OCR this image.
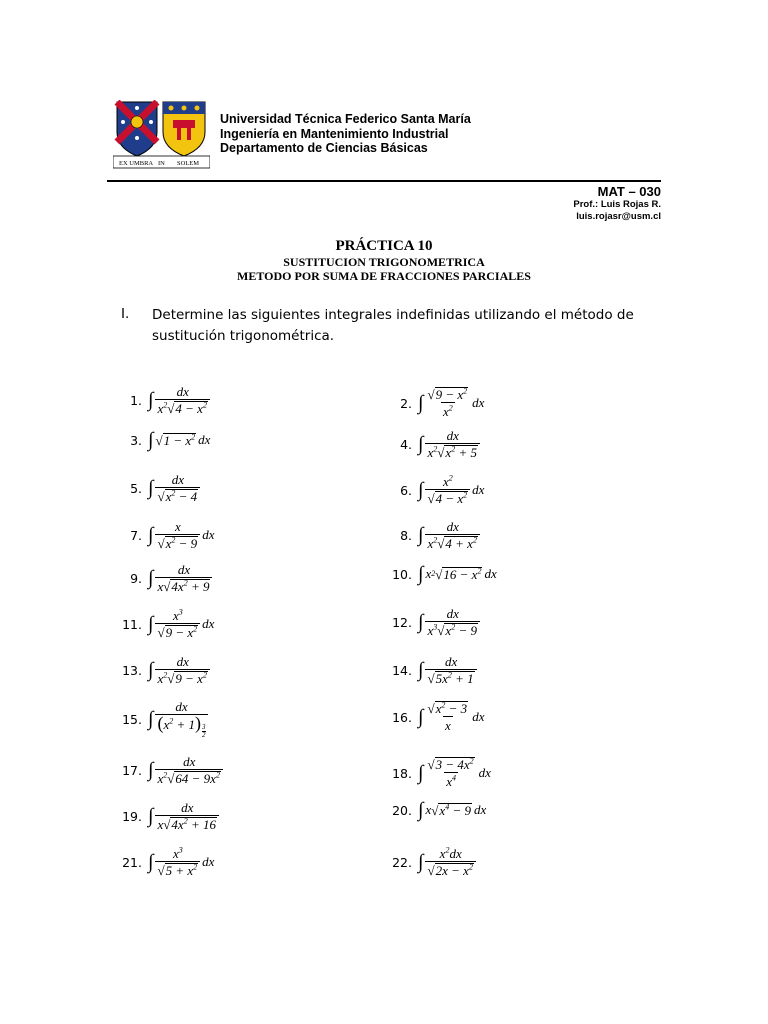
EX UMBRA IN SOLEM
Universidad Técnica Federico Santa María
Ingeniería en Mantenimiento Industrial
Departamento de Ciencias Básicas
MAT – 030
Prof.: Luis Rojas R.
luis.rojasr@usm.cl
PRÁCTICA 10
SUSTITUCION TRIGONOMETRICA
METODO POR SUMA DE FRACCIONES PARCIALES
I. Determine las siguientes integrales indefinidas utilizando el método de sustitución trigonométrica.
1. ∫ $\frac{dx}{x^2 √ 4 - x^2}$
3. ∫ √ $1 - x^2$ dx
5. ∫ $\frac{dx}{√ x^2 - 4}$
7. ∫ $\frac{x}{√ x^2 - 9}$ dx
9. ∫ $\frac{dx}{x √ 4x^2 + 9}$
11. ∫ $\frac{x^3}{√ 9 - x^2}$ dx
13. ∫ $\frac{dx}{x^2 √ 9 - x^2}$
15. ∫ $\frac{dx}{(x^2 + 1) \frac{3}{2}}$
17. ∫ $\frac{dx}{x^2 √ 64 - 9x^2}$
19. ∫ $\frac{dx}{x √ 4x^2 + 16}$
21. ∫ $\frac{x^3}{√ 5 + x^2}$ dx
2. ∫ $\frac{√ 9 - x^2}{x^2}$ dx
4. ∫ $\frac{dx}{x^2 √ x^2 + 5}$
6. ∫ $\frac{x^2}{√ 4 - x^2}$ dx
8. ∫ $\frac{dx}{x^2 √ 4 + x^2}$
10. ∫ x 2 √ $16 - x^2$ dx
12. ∫ $\frac{dx}{x^3 √ x^2 - 9}$
14. ∫ $\frac{dx}{√ 5x^2 + 1}$
16. ∫ $\frac{√ x^2 - 3}{x}$ dx
18. ∫ $\frac{√ 3 - 4x^2}{x^4}$ dx
20. ∫ x √ $x^4 - 9$ dx
22. ∫ $\frac{x^2dx}{√ 2x - x^2}$
